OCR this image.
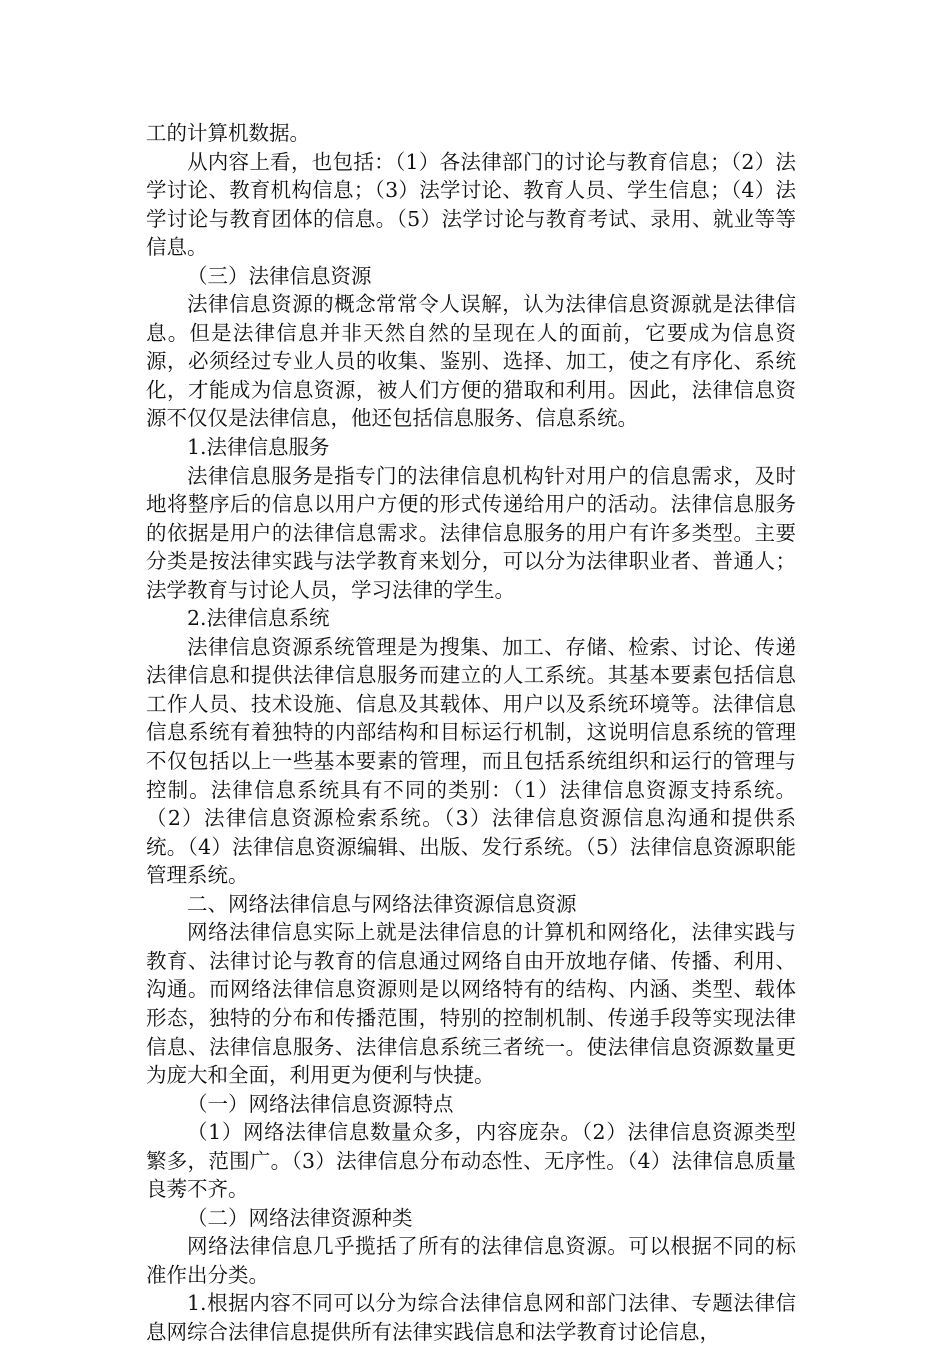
工的计算机数据。

从内容上看，也包括：（1）各法律部门的讨论与教育信息；（2）法学讨论、教育机构信息；（3）法学讨论、教育人员、学生信息；（4）法学讨论与教育团体的信息。（5）法学讨论与教育考试、录用、就业等等信息。

（三）法律信息资源

法律信息资源的概念常常令人误解，认为法律信息资源就是法律信息。但是法律信息并非天然自然的呈现在人的面前，它要成为信息资源，必须经过专业人员的收集、鉴别、选择、加工，使之有序化、系统化，才能成为信息资源，被人们方便的猎取和利用。因此，法律信息资源不仅仅是法律信息，他还包括信息服务、信息系统。

1.法律信息服务

法律信息服务是指专门的法律信息机构针对用户的信息需求，及时地将整序后的信息以用户方便的形式传递给用户的活动。法律信息服务的依据是用户的法律信息需求。法律信息服务的用户有许多类型。主要分类是按法律实践与法学教育来划分，可以分为法律职业者、普通人；法学教育与讨论人员，学习法律的学生。

2.法律信息系统

法律信息资源系统管理是为搜集、加工、存储、检索、讨论、传递法律信息和提供法律信息服务而建立的人工系统。其基本要素包括信息工作人员、技术设施、信息及其载体、用户以及系统环境等。法律信息信息系统有着独特的内部结构和目标运行机制，这说明信息系统的管理不仅包括以上一些基本要素的管理，而且包括系统组织和运行的管理与控制。法律信息系统具有不同的类别：（1）法律信息资源支持系统。（2）法律信息资源检索系统。（3）法律信息资源信息沟通和提供系统。（4）法律信息资源编辑、出版、发行系统。（5）法律信息资源职能管理系统。

二、网络法律信息与网络法律资源信息资源

网络法律信息实际上就是法律信息的计算机和网络化，法律实践与教育、法律讨论与教育的信息通过网络自由开放地存储、传播、利用、沟通。而网络法律信息资源则是以网络特有的结构、内涵、类型、载体形态，独特的分布和传播范围，特别的控制机制、传递手段等实现法律信息、法律信息服务、法律信息系统三者统一。使法律信息资源数量更为庞大和全面，利用更为便利与快捷。

（一）网络法律信息资源特点

（1）网络法律信息数量众多，内容庞杂。（2）法律信息资源类型繁多，范围广。（3）法律信息分布动态性、无序性。（4）法律信息质量良莠不齐。

（二）网络法律资源种类

网络法律信息几乎揽括了所有的法律信息资源。可以根据不同的标准作出分类。

1.根据内容不同可以分为综合法律信息网和部门法律、专题法律信息网综合法律信息提供所有法律实践信息和法学教育讨论信息，
